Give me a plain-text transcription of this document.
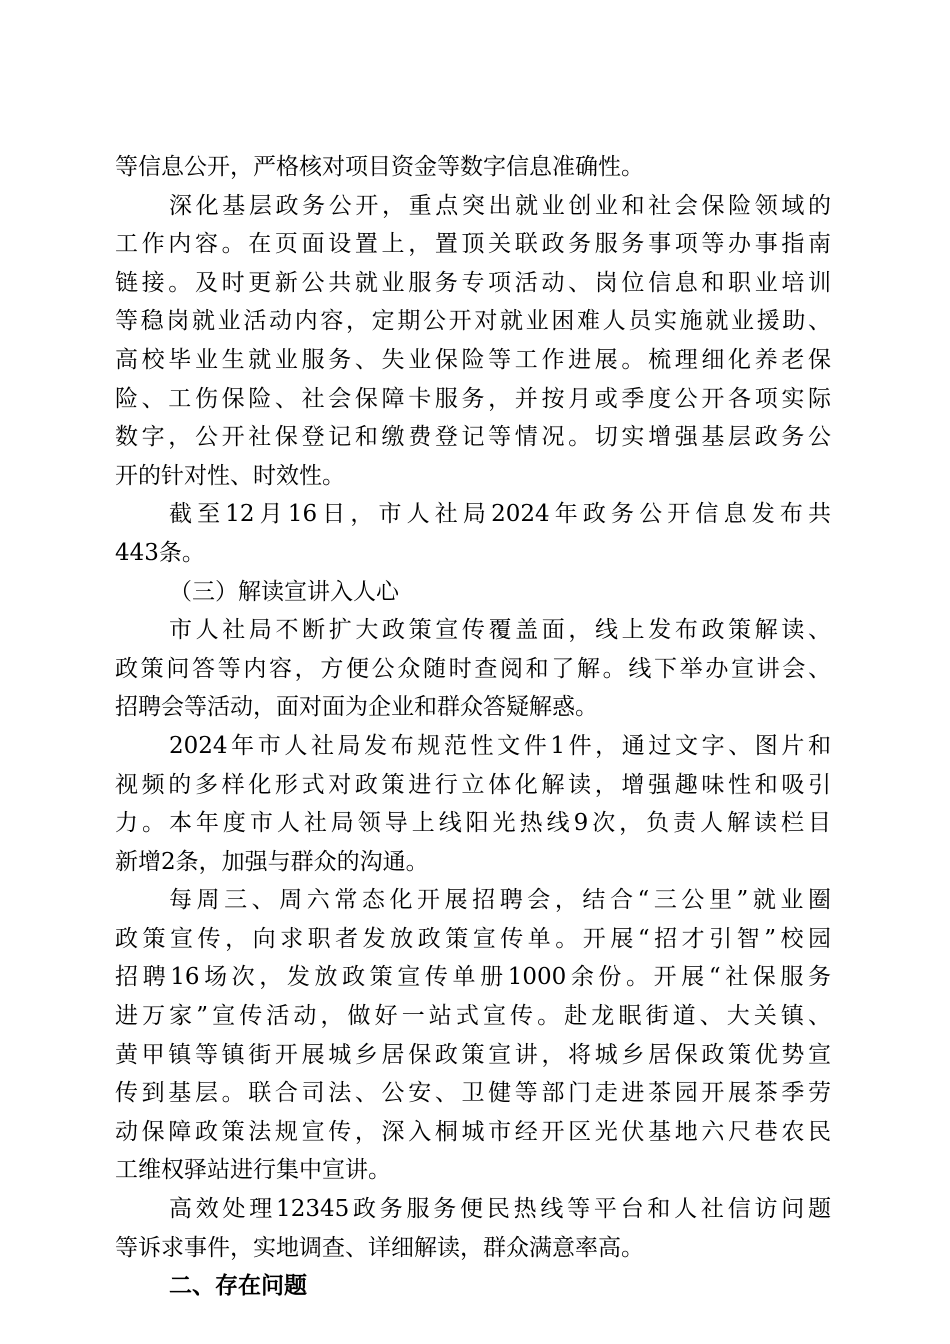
等信息公开，严格核对项目资金等数字信息准确性。
深化基层政务公开，重点突出就业创业和社会保险领域的
工作内容。在页面设置上，置顶关联政务服务事项等办事指南
链接。及时更新公共就业服务专项活动、岗位信息和职业培训
等稳岗就业活动内容，定期公开对就业困难人员实施就业援助、
高校毕业生就业服务、失业保险等工作进展。梳理细化养老保
险、工伤保险、社会保障卡服务，并按月或季度公开各项实际
数字，公开社保登记和缴费登记等情况。切实增强基层政务公
开的针对性、时效性。
截至12月16日，市人社局2024年政务公开信息发布共
443条。
（三）解读宣讲入人心
市人社局不断扩大政策宣传覆盖面，线上发布政策解读、
政策问答等内容，方便公众随时查阅和了解。线下举办宣讲会、
招聘会等活动，面对面为企业和群众答疑解惑。
2024年市人社局发布规范性文件1件，通过文字、图片和
视频的多样化形式对政策进行立体化解读，增强趣味性和吸引
力。本年度市人社局领导上线阳光热线9次，负责人解读栏目
新增2条，加强与群众的沟通。
每周三、周六常态化开展招聘会，结合“三公里”就业圈
政策宣传，向求职者发放政策宣传单。开展“招才引智”校园
招聘16场次，发放政策宣传单册1000余份。开展“社保服务
进万家”宣传活动，做好一站式宣传。赴龙眠街道、大关镇、
黄甲镇等镇街开展城乡居保政策宣讲，将城乡居保政策优势宣
传到基层。联合司法、公安、卫健等部门走进茶园开展茶季劳
动保障政策法规宣传，深入桐城市经开区光伏基地六尺巷农民
工维权驿站进行集中宣讲。
高效处理12345政务服务便民热线等平台和人社信访问题
等诉求事件，实地调查、详细解读，群众满意率高。
二、存在问题
